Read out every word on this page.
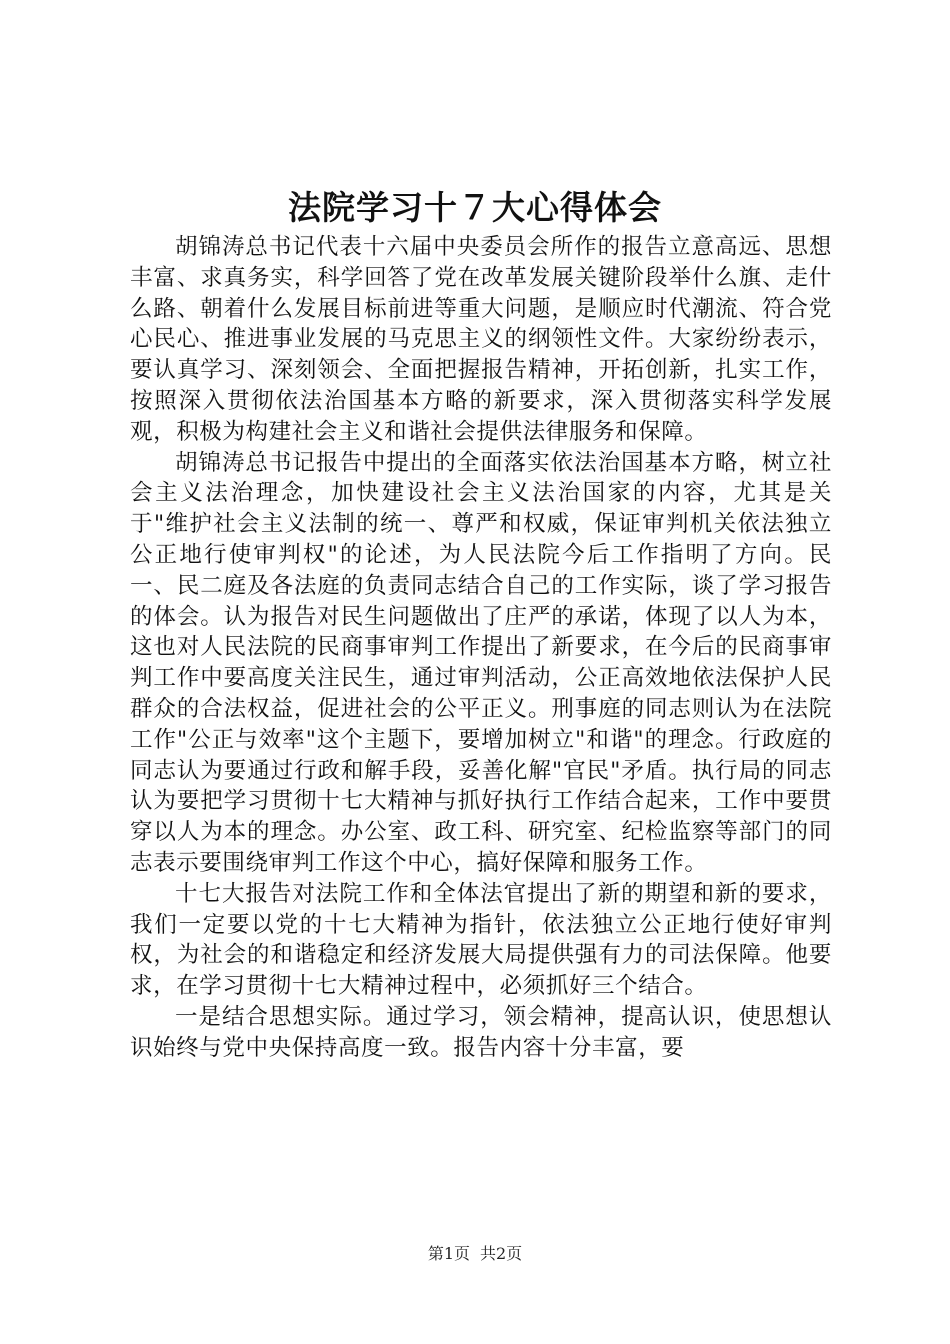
法院学习十７大心得体会

胡锦涛总书记代表十六届中央委员会所作的报告立意高远、思想丰富、求真务实，科学回答了党在改革发展关键阶段举什么旗、走什么路、朝着什么发展目标前进等重大问题，是顺应时代潮流、符合党心民心、推进事业发展的马克思主义的纲领性文件。大家纷纷表示，要认真学习、深刻领会、全面把握报告精神，开拓创新，扎实工作，按照深入贯彻依法治国基本方略的新要求，深入贯彻落实科学发展观，积极为构建社会主义和谐社会提供法律服务和保障。

胡锦涛总书记报告中提出的全面落实依法治国基本方略，树立社会主义法治理念，加快建设社会主义法治国家的内容，尤其是关于"维护社会主义法制的统一、尊严和权威，保证审判机关依法独立公正地行使审判权"的论述，为人民法院今后工作指明了方向。民一、民二庭及各法庭的负责同志结合自己的工作实际，谈了学习报告的体会。认为报告对民生问题做出了庄严的承诺，体现了以人为本，这也对人民法院的民商事审判工作提出了新要求，在今后的民商事审判工作中要高度关注民生，通过审判活动，公正高效地依法保护人民群众的合法权益，促进社会的公平正义。刑事庭的同志则认为在法院工作"公正与效率"这个主题下，要增加树立"和谐"的理念。行政庭的同志认为要通过行政和解手段，妥善化解"官民"矛盾。执行局的同志认为要把学习贯彻十七大精神与抓好执行工作结合起来，工作中要贯穿以人为本的理念。办公室、政工科、研究室、纪检监察等部门的同志表示要围绕审判工作这个中心，搞好保障和服务工作。

十七大报告对法院工作和全体法官提出了新的期望和新的要求，我们一定要以党的十七大精神为指针，依法独立公正地行使好审判权，为社会的和谐稳定和经济发展大局提供强有力的司法保障。他要求，在学习贯彻十七大精神过程中，必须抓好三个结合。

一是结合思想实际。通过学习，领会精神，提高认识，使思想认识始终与党中央保持高度一致。报告内容十分丰富，要

第1页 共2页
